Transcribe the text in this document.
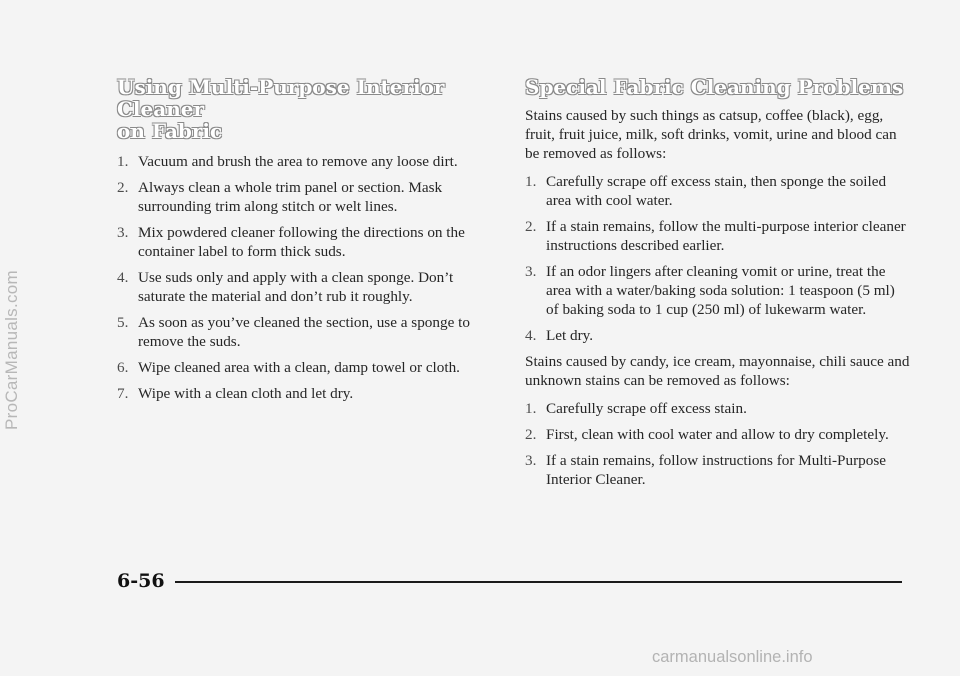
ProCarManuals.com
Using Multi-Purpose Interior Cleaner
on Fabric
1. Vacuum and brush the area to remove any loose dirt.
2. Always clean a whole trim panel or section. Mask surrounding trim along stitch or welt lines.
3. Mix powdered cleaner following the directions on the container label to form thick suds.
4. Use suds only and apply with a clean sponge. Don’t saturate the material and don’t rub it roughly.
5. As soon as you’ve cleaned the section, use a sponge to remove the suds.
6. Wipe cleaned area with a clean, damp towel or cloth.
7. Wipe with a clean cloth and let dry.
Special Fabric Cleaning Problems

Stains caused by such things as catsup, coffee (black), egg, fruit, fruit juice, milk, soft drinks, vomit, urine and blood can be removed as follows:

1. Carefully scrape off excess stain, then sponge the soiled area with cool water.
2. If a stain remains, follow the multi-purpose interior cleaner instructions described earlier.
3. If an odor lingers after cleaning vomit or urine, treat the area with a water/baking soda solution: 1 teaspoon (5 ml) of baking soda to 1 cup (250 ml) of lukewarm water.
4. Let dry.

Stains caused by candy, ice cream, mayonnaise, chili sauce and unknown stains can be removed as follows:

1. Carefully scrape off excess stain.
2. First, clean with cool water and allow to dry completely.
3. If a stain remains, follow instructions for Multi-Purpose Interior Cleaner.
6-56
carmanualsonline.info
